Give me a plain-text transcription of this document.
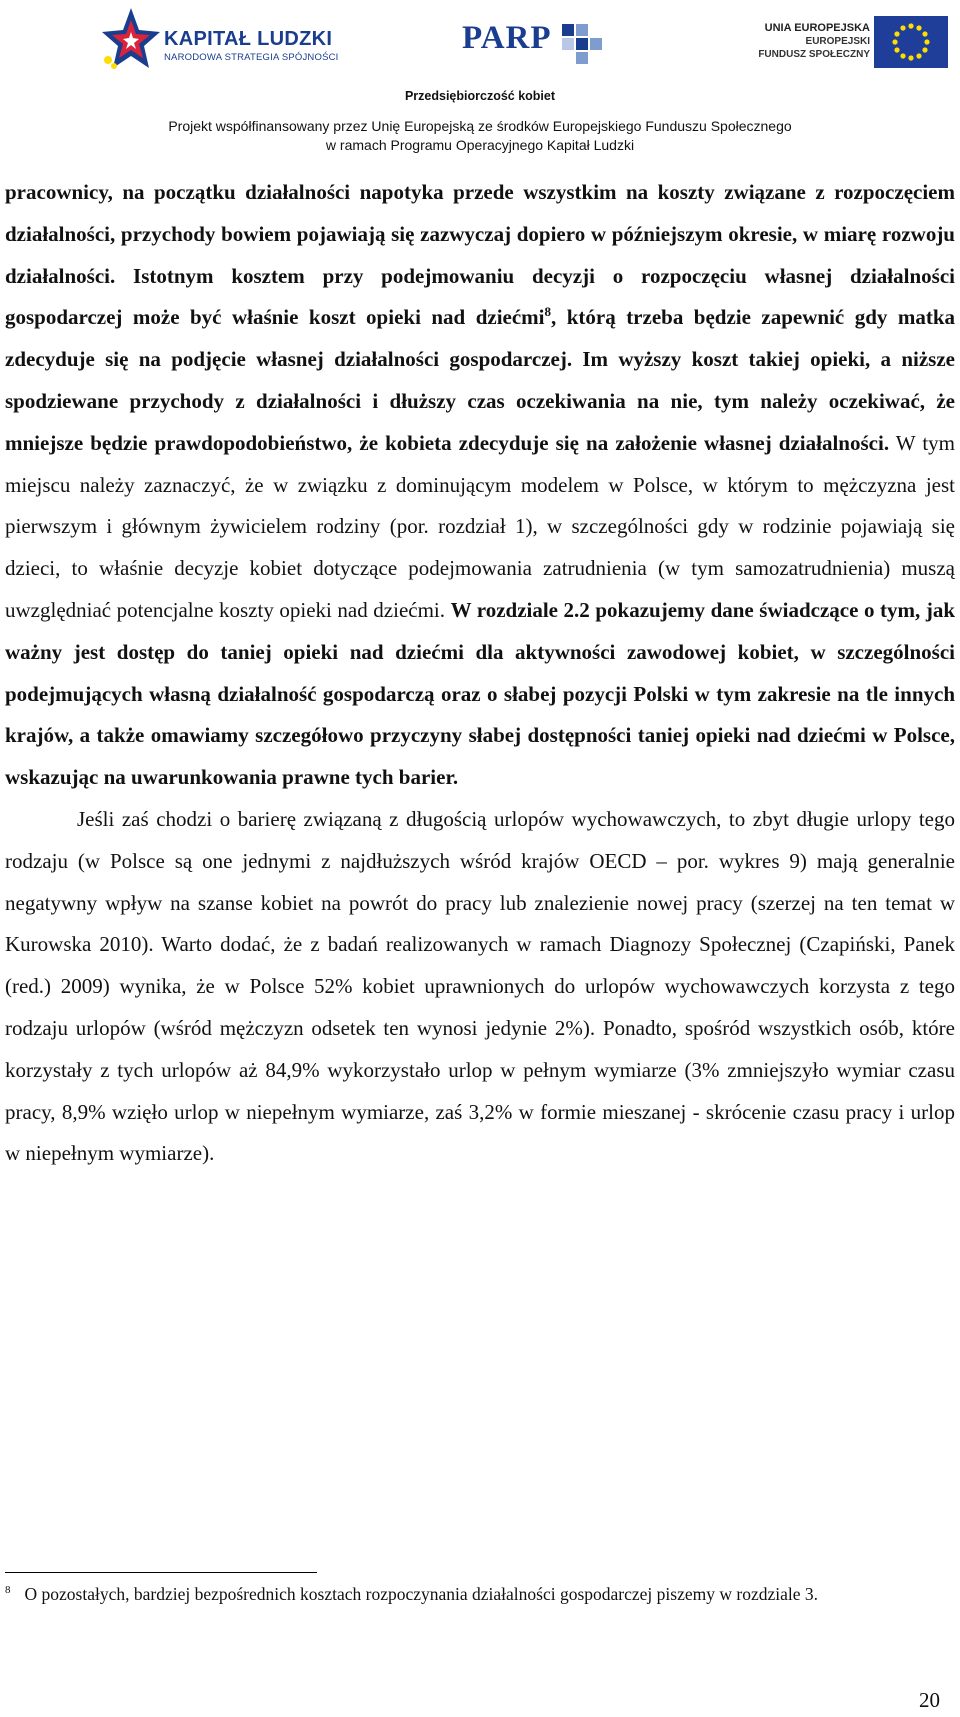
KAPITAŁ LUDZKI
NARODOWA STRATEGIA SPÓJNOŚCI
PARP	UNIA EUROPEJSKA
EUROPEJSKI
FUNDUSZ SPOŁECZNY
Przedsiębiorczość kobiet
Projekt współfinansowany przez Unię Europejską ze środków Europejskiego Funduszu Społecznego
w ramach Programu Operacyjnego Kapitał Ludzki

pracownicy, na początku działalności napotyka przede wszystkim na koszty związane z rozpoczęciem działalności, przychody bowiem pojawiają się zazwyczaj dopiero w późniejszym okresie, w miarę rozwoju działalności. Istotnym kosztem przy podejmowaniu decyzji o rozpoczęciu własnej działalności gospodarczej może być właśnie koszt opieki nad dziećmi$^8$, którą trzeba będzie zapewnić gdy matka zdecyduje się na podjęcie własnej działalności gospodarczej. Im wyższy koszt takiej opieki, a niższe spodziewane przychody z działalności i dłuższy czas oczekiwania na nie, tym należy oczekiwać, że mniejsze będzie prawdopodobieństwo, że kobieta zdecyduje się na założenie własnej działalności. W tym miejscu należy zaznaczyć, że w związku z dominującym modelem w Polsce, w którym to mężczyzna jest pierwszym i głównym żywicielem rodziny (por. rozdział 1), w szczególności gdy w rodzinie pojawiają się dzieci, to właśnie decyzje kobiet dotyczące podejmowania zatrudnienia (w tym samozatrudnienia) muszą uwzględniać potencjalne koszty opieki nad dziećmi. W rozdziale 2.2 pokazujemy dane świadczące o tym, jak ważny jest dostęp do taniej opieki nad dziećmi dla aktywności zawodowej kobiet, w szczególności podejmujących własną działalność gospodarczą oraz o słabej pozycji Polski w tym zakresie na tle innych krajów, a także omawiamy szczegółowo przyczyny słabej dostępności taniej opieki nad dziećmi w Polsce, wskazując na uwarunkowania prawne tych barier.

Jeśli zaś chodzi o barierę związaną z długością urlopów wychowawczych, to zbyt długie urlopy tego rodzaju (w Polsce są one jednymi z najdłuższych wśród krajów OECD – por. wykres 9) mają generalnie negatywny wpływ na szanse kobiet na powrót do pracy lub znalezienie nowej pracy (szerzej na ten temat w Kurowska 2010). Warto dodać, że z badań realizowanych w ramach Diagnozy Społecznej (Czapiński, Panek (red.) 2009) wynika, że w Polsce 52% kobiet uprawnionych do urlopów wychowawczych korzysta z tego rodzaju urlopów (wśród mężczyzn odsetek ten wynosi jedynie 2%). Ponadto, spośród wszystkich osób, które korzystały z tych urlopów aż 84,9% wykorzystało urlop w pełnym wymiarze (3% zmniejszyło wymiar czasu pracy, 8,9% wzięło urlop w niepełnym wymiarze, zaś 3,2% w formie mieszanej - skrócenie czasu pracy i urlop w niepełnym wymiarze).

$^8$ O pozostałych, bardziej bezpośrednich kosztach rozpoczynania działalności gospodarczej piszemy w rozdziale 3.
20
